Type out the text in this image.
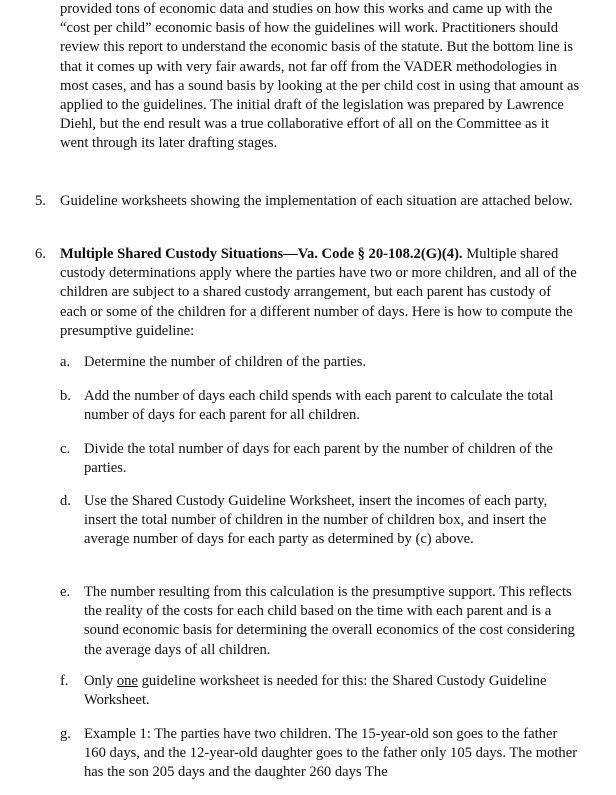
provided tons of economic data and studies on how this works and came up with the “cost per child” economic basis of how the guidelines will work. Practitioners should review this report to understand the economic basis of the statute. But the bottom line is that it comes up with very fair awards, not far off from the VADER methodologies in most cases, and has a sound basis by looking at the per child cost in using that amount as applied to the guidelines. The initial draft of the legislation was prepared by Lawrence Diehl, but the end result was a true collaborative effort of all on the Committee as it went through its later drafting stages.

5. Guideline worksheets showing the implementation of each situation are attached below.

6. Multiple Shared Custody Situations—Va. Code § 20-108.2(G)(4). Multiple shared custody determinations apply where the parties have two or more children, and all of the children are subject to a shared custody arrangement, but each parent has custody of each or some of the children for a different number of days. Here is how to compute the presumptive guideline:

a. Determine the number of children of the parties.

b. Add the number of days each child spends with each parent to calculate the total number of days for each parent for all children.

c. Divide the total number of days for each parent by the number of children of the parties.

d. Use the Shared Custody Guideline Worksheet, insert the incomes of each party, insert the total number of children in the number of children box, and insert the average number of days for each party as determined by (c) above.

e. The number resulting from this calculation is the presumptive support. This reflects the reality of the costs for each child based on the time with each parent and is a sound economic basis for determining the overall economics of the cost considering the average days of all children.

f.	Only one guideline worksheet is needed for this: the Shared Custody Guideline Worksheet.

g. Example 1: The parties have two children. The 15-year-old son goes to the father 160 days, and the 12-year-old daughter goes to the father only 105 days. The mother has the son 205 days and the daughter 260 days The
